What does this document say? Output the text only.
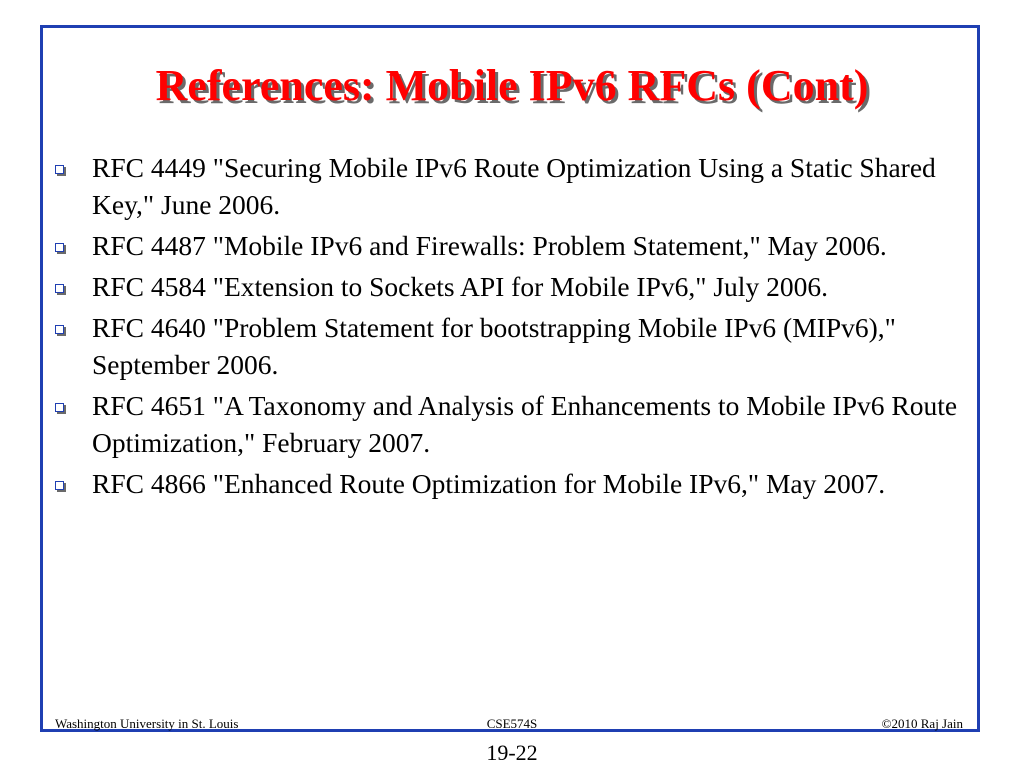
References: Mobile IPv6 RFCs (Cont)
RFC 4449 "Securing Mobile IPv6 Route Optimization Using a Static Shared Key," June 2006.
RFC 4487 "Mobile IPv6 and Firewalls: Problem Statement," May 2006.
RFC 4584 "Extension to Sockets API for Mobile IPv6," July 2006.
RFC 4640 "Problem Statement for bootstrapping Mobile IPv6 (MIPv6)," September 2006.
RFC 4651 "A Taxonomy and Analysis of Enhancements to Mobile IPv6 Route Optimization," February 2007.
RFC 4866 "Enhanced Route Optimization for Mobile IPv6," May 2007.
Washington University in St. Louis	CSE574S	©2010 Raj Jain
19-22
